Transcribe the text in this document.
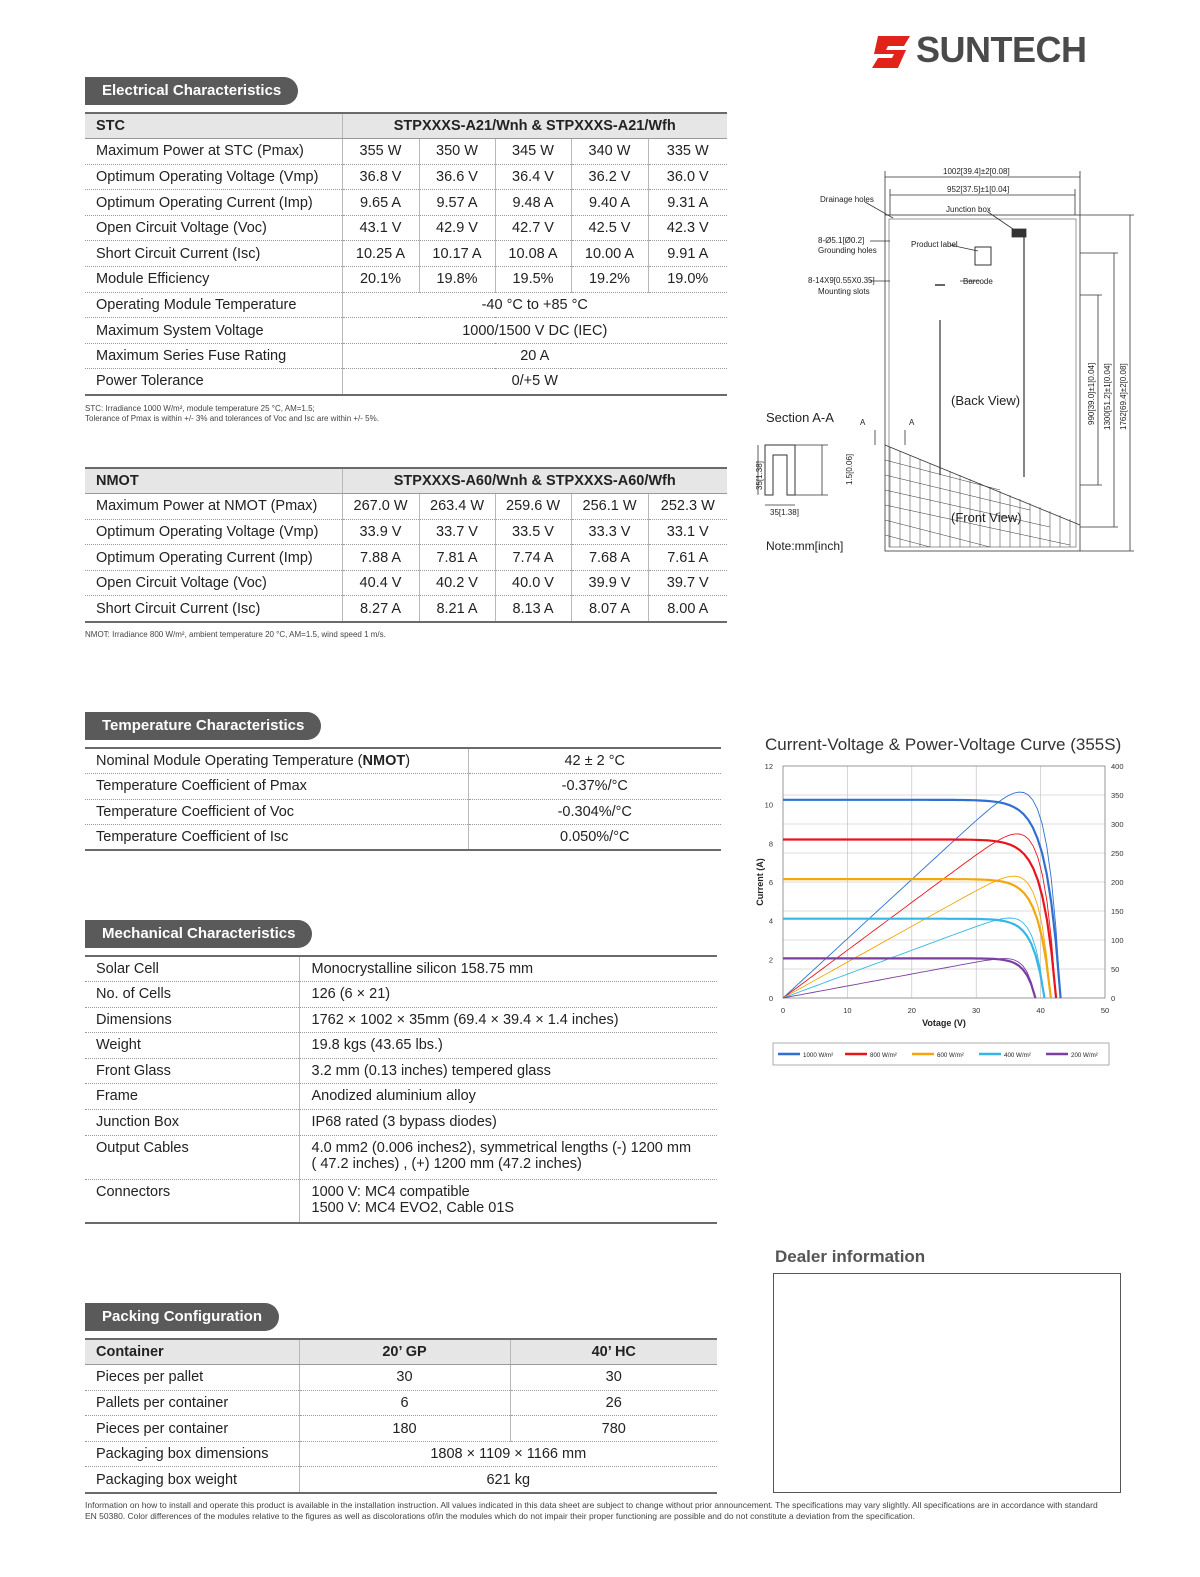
SUNTECH
Electrical Characteristics
STC	STPXXXS-A21/Wnh & STPXXXS-A21/Wfh				
Maximum Power at STC (Pmax)	355 W	350 W	345 W	340 W	335 W
Optimum Operating Voltage (Vmp)	36.8 V	36.6 V	36.4 V	36.2 V	36.0 V
Optimum Operating Current (Imp)	9.65 A	9.57 A	9.48 A	9.40 A	9.31 A
Open Circuit Voltage (Voc)	43.1 V	42.9 V	42.7 V	42.5 V	42.3 V
Short Circuit Current (Isc)	10.25 A	10.17 A	10.08 A	10.00 A	9.91 A
Module Efficiency	20.1%	19.8%	19.5%	19.2%	19.0%
Operating Module Temperature	-40 °C to +85 °C				
Maximum System Voltage	1000/1500 V DC (IEC)				
Maximum Series Fuse Rating	20 A				
Power Tolerance	0/+5 W				
STC: Irradiance 1000 W/m², module temperature 25 °C, AM=1.5;
Tolerance of Pmax is within +/- 3% and tolerances of Voc and Isc are within +/- 5%.
NMOT	STPXXXS-A60/Wnh & STPXXXS-A60/Wfh				
Maximum Power at NMOT (Pmax)	267.0 W	263.4 W	259.6 W	256.1 W	252.3 W
Optimum Operating Voltage (Vmp)	33.9 V	33.7 V	33.5 V	33.3 V	33.1 V
Optimum Operating Current (Imp)	7.88 A	7.81 A	7.74 A	7.68 A	7.61 A
Open Circuit Voltage (Voc)	40.4 V	40.2 V	40.0 V	39.9 V	39.7 V
Short Circuit Current (Isc)	8.27 A	8.21 A	8.13 A	8.07 A	8.00 A
NMOT: Irradiance 800 W/m², ambient temperature 20 °C, AM=1.5, wind speed 1 m/s.
Temperature Characteristics
Nominal Module Operating Temperature (NMOT)	42 ± 2 °C
Temperature Coefficient of Pmax	-0.37%/°C
Temperature Coefficient of Voc	-0.304%/°C
Temperature Coefficient of Isc	0.050%/°C
Mechanical Characteristics
Solar Cell	Monocrystalline silicon 158.75 mm

No. of Cells	126 (6 × 21)

Dimensions	1762 × 1002 × 35mm (69.4 × 39.4 × 1.4 inches)

Weight	19.8 kgs (43.65 lbs.)

Front Glass	3.2 mm (0.13 inches) tempered glass

Frame	Anodized aluminium alloy

Junction Box	IP68 rated (3 bypass diodes)

Output Cables	4.0 mm2 (0.006 inches2), symmetrical lengths (-) 1200 mm
( 47.2 inches) , (+) 1200 mm (47.2 inches)

Connectors	1000 V: MC4 compatible
1500 V: MC4 EVO2, Cable 01S
Packing Configuration
Container	20’ GP	40’ HC
Pieces per pallet	30	30
Pallets per container	6	26
Pieces per container	180	780
Packaging box dimensions	1808 × 1109 × 1166 mm	
Packaging box weight	621 kg	
1002[39.4]±2[0.08]
952[37.5]±1[0.04]
Drainage holes
Junction box
8-Ø5.1[Ø0.2]
Grounding holes
Product label
8-14X9[0.55X0.35]
Mounting slots
Barcode
A	A
35[1.38]
990[39.0]±1[0.04] 1300[51.2]±1[0.04] 1762[69.4]±2[0.08]
35[1.38]	1.5[0.06]
(Back View)
(Front View)
Section A-A
Note:mm[inch]
Current-Voltage & Power-Voltage Curve (355S)
0	10	20	30	40	50
0
2
4
6
8
10
12
0
50
100
150
200
250
300
350
400
Votage (V)
Current (A)
1000 W/m²	800 W/m²	600 W/m²	400 W/m²	200 W/m²
Dealer information
Information on how to install and operate this product is available in the installation instruction. All values indicated in this data sheet are subject to change without prior announcement. The specifications may vary slightly. All specifications are in accordance with standard EN 50380. Color differences of the modules relative to the figures as well as discolorations of/in the modules which do not impair their proper functioning are possible and do not constitute a deviation from the specification.
